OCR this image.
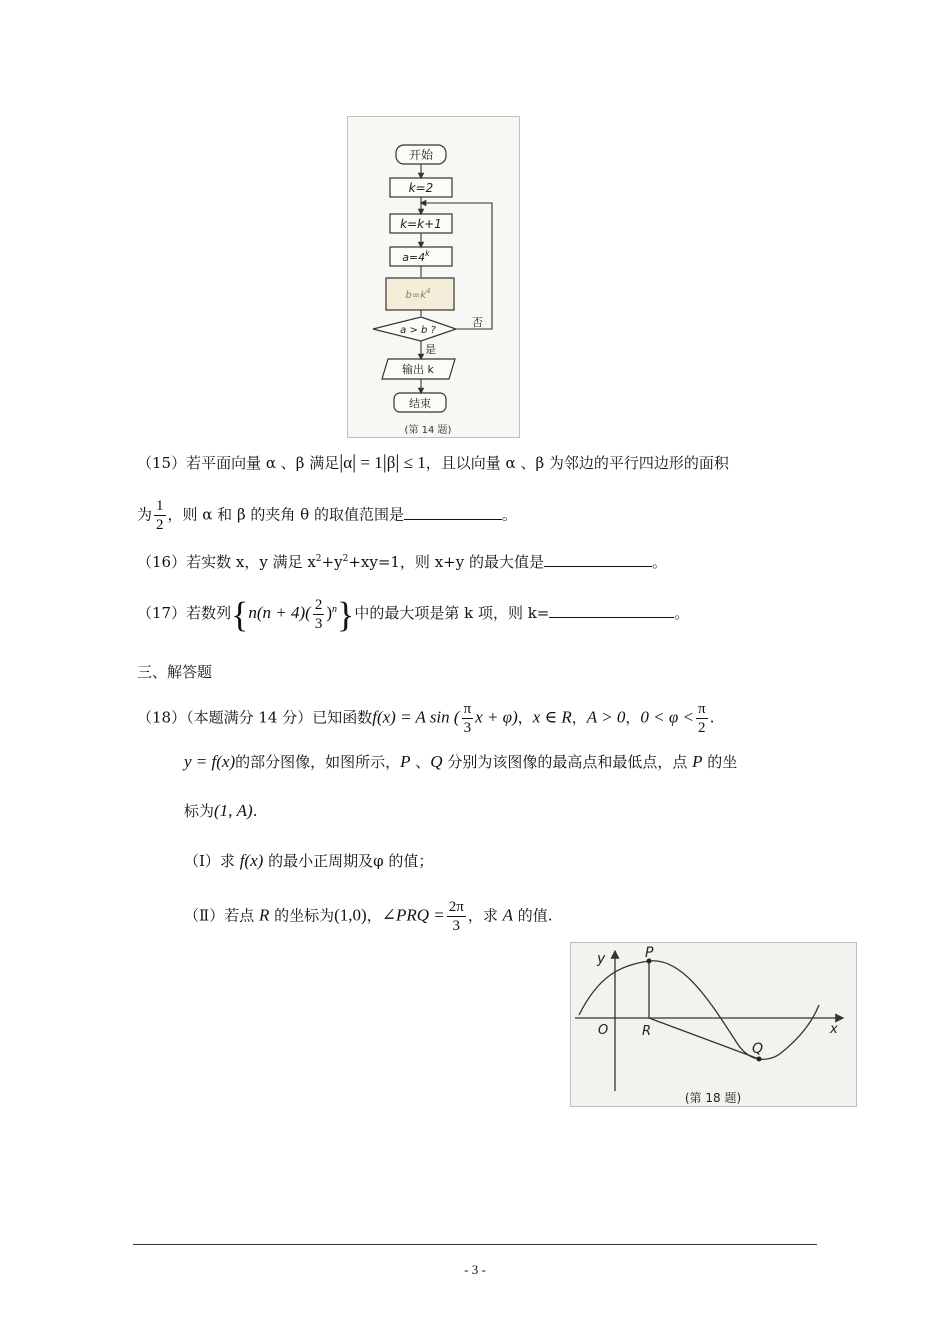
开始
k=2
k=k+1
$a=4^k$
$b=k^4$
a > b ?
否
是
输出 k
结束
(第 14 题)
（15）若平面向量 α 、β 满足|α| = 1|β| ≤ 1，且以向量 α 、β 为邻边的平行四边形的面积
为 $\frac{1}{2}$ ，则 α 和 β 的夹角 θ 的取值范围是	。
（16）若实数 x，y 满足 $x^2+y^2+xy=1$，则 x+y 的最大值是	。
（17）若数列$\{n(n + 4)( \frac{2}{3} )^n\}$中的最大项是第 k 项，则 k=	。
三、解答题
（18）（本题满分 14 分）已知函数f(x) = A sin ( $\frac{\pi}{3}$ x + φ)，x ∈ R，A > 0，$0 < \varphi < \frac{\pi}{2}$ .
y = f(x)的部分图像，如图所示，P 、Q 分别为该图像的最高点和最低点，点 P 的坐
标为(1, A).
（Ⅰ）求 f(x) 的最小正周期及φ 的值；
（Ⅱ）若点 R 的坐标为(1,0)，∠PRQ = $\frac{2\pi}{3}$ ，求 A 的值.
y	P
O	R
Q
x
(第 18 题)
- 3 -
